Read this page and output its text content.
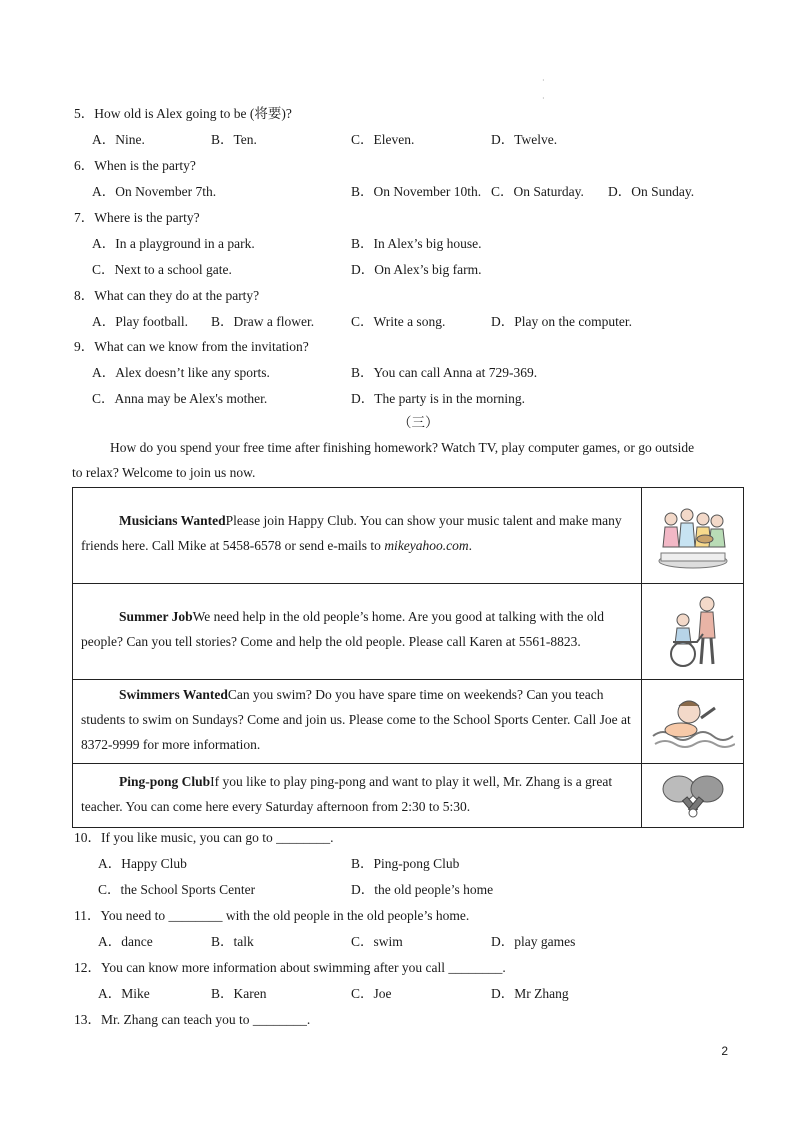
·
·
5．How old is Alex going to be (将要)?
A．Nine.	B．Ten.	C．Eleven.	D．Twelve.
6．When is the party?
A．On November 7th.	B．On November 10th. C．On Saturday. D．On Sunday.
7．Where is the party?
A．In a playground in a park.	B．In Alex’s big house.
C．Next to a school gate.	D．On Alex’s big farm.
8．What can they do at the party?
A．Play football. B．Draw a flower.	C．Write a song.	D．Play on the computer.
9．What can we know from the invitation?
A．Alex doesn’t like any sports.	B．You can call Anna at 729-369.
C．Anna may be Alex's mother.	D．The party is in the morning.
（三）
How do you spend your free time after finishing homework? Watch TV, play computer games, or go outside
to relax? Welcome to join us now.
Musicians WantedPlease join Happy Club. You can show your music talent and make many friends here. Call Mike at 5458-6578 or send e-mails to mikeyahoo.com.
Summer JobWe need help in the old people’s home. Are you good at talking with the old people? Can you tell stories? Come and help the old people. Please call Karen at 5561-8823.
Swimmers WantedCan you swim? Do you have spare time on weekends? Can you teach students to swim on Sundays? Come and join us. Please come to the School Sports Center. Call Joe at 8372-9999 for more information.
Ping-pong ClubIf you like to play ping-pong and want to play it well, Mr. Zhang is a great teacher. You can come here every Saturday afternoon from 2:30 to 5:30.
10．If you like music, you can go to ________.
A．Happy Club	B．Ping-pong Club
C．the School Sports Center	D．the old people’s home
11．You need to ________ with the old people in the old people’s home.
A．dance	B．talk	C．swim	D．play games
12．You can know more information about swimming after you call ________.
A．Mike	B．Karen	C．Joe	D．Mr Zhang
13．Mr. Zhang can teach you to ________.
2
